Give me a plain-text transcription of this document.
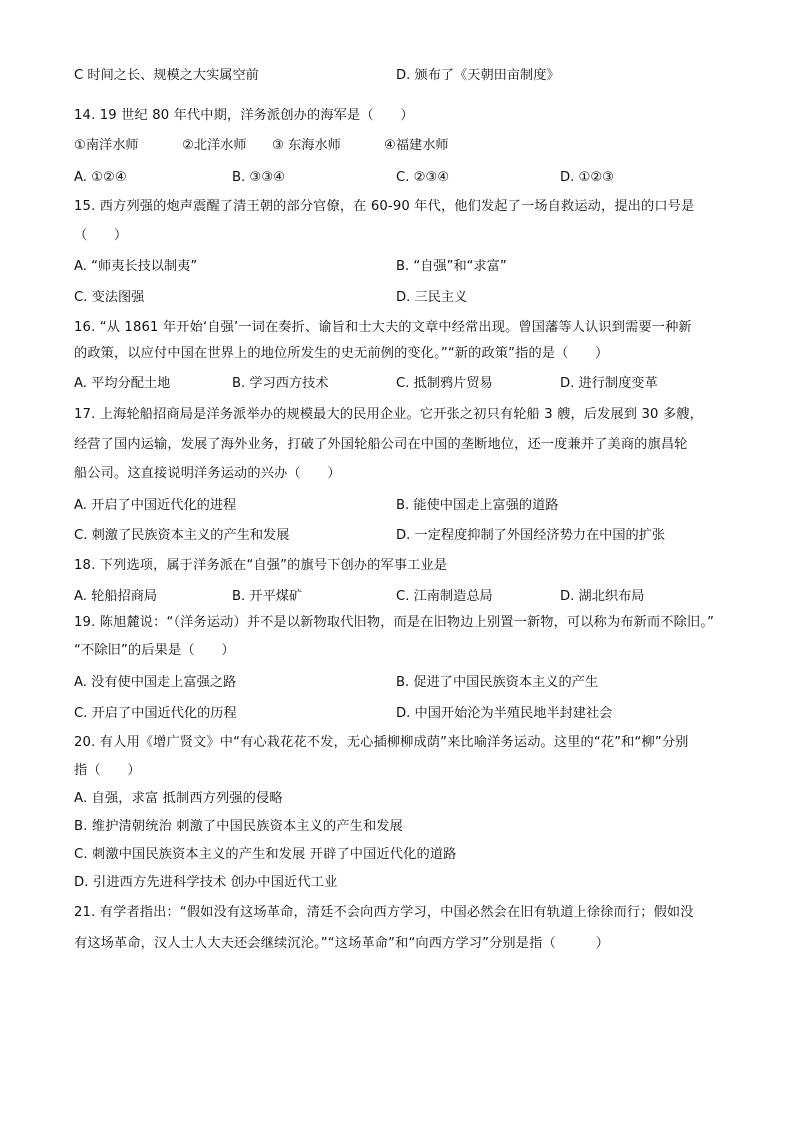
C 时间之长、规模之大实属空前	D. 颁布了《天朝田亩制度》
14. 19 世纪 80 年代中期，洋务派创办的海军是（　　）
①南洋水师	②北洋水师 ③ 东海水师	④福建水师
A. ①②④	B. ③③④	C. ②③④	D. ①②③
15. 西方列强的炮声震醒了清王朝的部分官僚，在 60-90 年代，他们发起了一场自救运动，提出的口号是
（　　）
A. “师夷长技以制夷”	B. “自强”和“求富”
C. 变法图强	D. 三民主义
16. “从 1861 年开始‘自强’一词在奏折、谕旨和士大夫的文章中经常出现。曾国藩等人认识到需要一种新
的政策，以应付中国在世界上的地位所发生的史无前例的变化。”“新的政策”指的是（　　）
A. 平均分配土地	B. 学习西方技术	C. 抵制鸦片贸易	D. 进行制度变革
17. 上海轮船招商局是洋务派举办的规模最大的民用企业。它开张之初只有轮船 3 艘，后发展到 30 多艘，
经营了国内运输，发展了海外业务，打破了外国轮船公司在中国的垄断地位，还一度兼并了美商的旗昌轮
船公司。这直接说明洋务运动的兴办（　　）
A. 开启了中国近代化的进程	B. 能使中国走上富强的道路
C. 刺激了民族资本主义的产生和发展	D. 一定程度抑制了外国经济势力在中国的扩张
18. 下列选项，属于洋务派在“自强”的旗号下创办的军事工业是
A. 轮船招商局	B. 开平煤矿	C. 江南制造总局	D. 湖北织布局
19. 陈旭麓说：“（洋务运动）并不是以新物取代旧物，而是在旧物边上别置一新物，可以称为布新而不除旧。”
“不除旧”的后果是（　　）
A. 没有使中国走上富强之路	B. 促进了中国民族资本主义的产生
C. 开启了中国近代化的历程	D. 中国开始沦为半殖民地半封建社会
20. 有人用《增广贤文》中“有心栽花花不发，无心插柳柳成荫”来比喻洋务运动。这里的“花”和“柳”分别
指（　　）
A. 自强，求富 抵制西方列强的侵略
B. 维护清朝统治 刺激了中国民族资本主义的产生和发展
C. 刺激中国民族资本主义的产生和发展 开辟了中国近代化的道路
D. 引进西方先进科学技术 创办中国近代工业
21. 有学者指出：“假如没有这场革命，清廷不会向西方学习，中国必然会在旧有轨道上徐徐而行；假如没
有这场革命，汉人士人大夫还会继续沉沦。”“这场革命”和“向西方学习”分别是指（　　　）
